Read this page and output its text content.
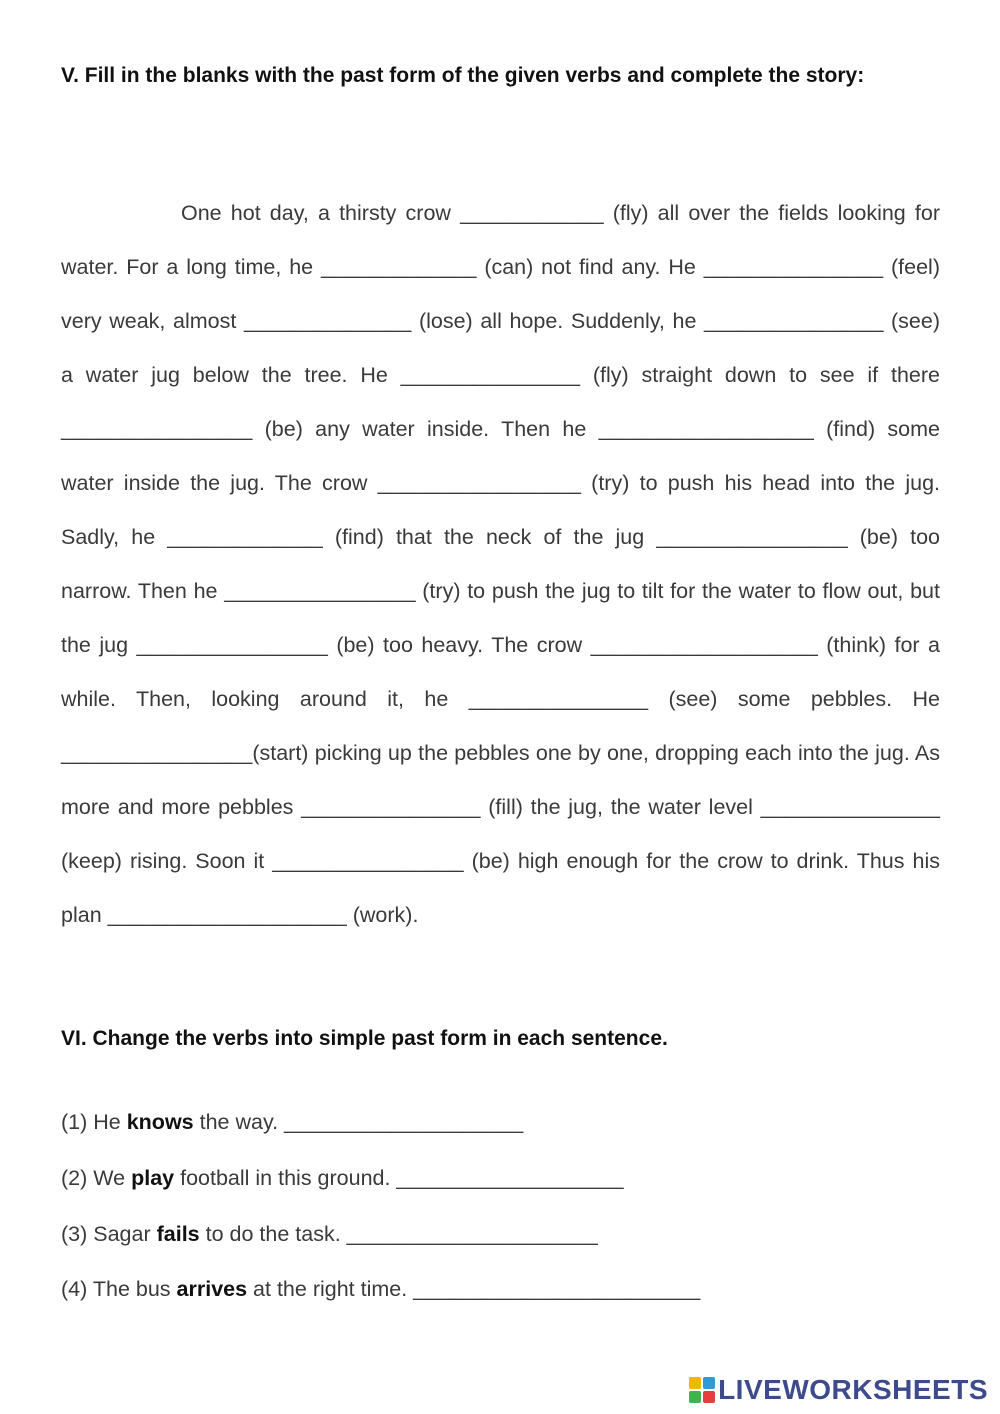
V. Fill in the blanks with the past form of the given verbs and complete the story:

One hot day, a thirsty crow ____________ (fly) all over the fields looking for water. For a long time, he _____________ (can) not find any. He _______________ (feel) very weak, almost ______________ (lose) all hope. Suddenly, he _______________ (see) a water jug below the tree. He _______________ (fly) straight down to see if there ________________ (be) any water inside. Then he __________________ (find) some water inside the jug. The crow _________________ (try) to push his head into the jug. Sadly, he _____________ (find) that the neck of the jug ________________ (be) too narrow. Then he ________________ (try) to push the jug to tilt for the water to flow out, but the jug ________________ (be) too heavy. The crow ___________________ (think) for a while. Then, looking around it, he _______________ (see) some pebbles. He ________________(start) picking up the pebbles one by one, dropping each into the jug. As more and more pebbles _______________ (fill) the jug, the water level _______________ (keep) rising. Soon it ________________ (be) high enough for the crow to drink. Thus his plan ____________________ (work).

VI. Change the verbs into simple past form in each sentence.
(1) He knows the way. ____________________
(2) We play football in this ground. ___________________
(3) Sagar fails to do the task. _____________________
(4) The bus arrives at the right time. ________________________
LIVEWORKSHEETS
